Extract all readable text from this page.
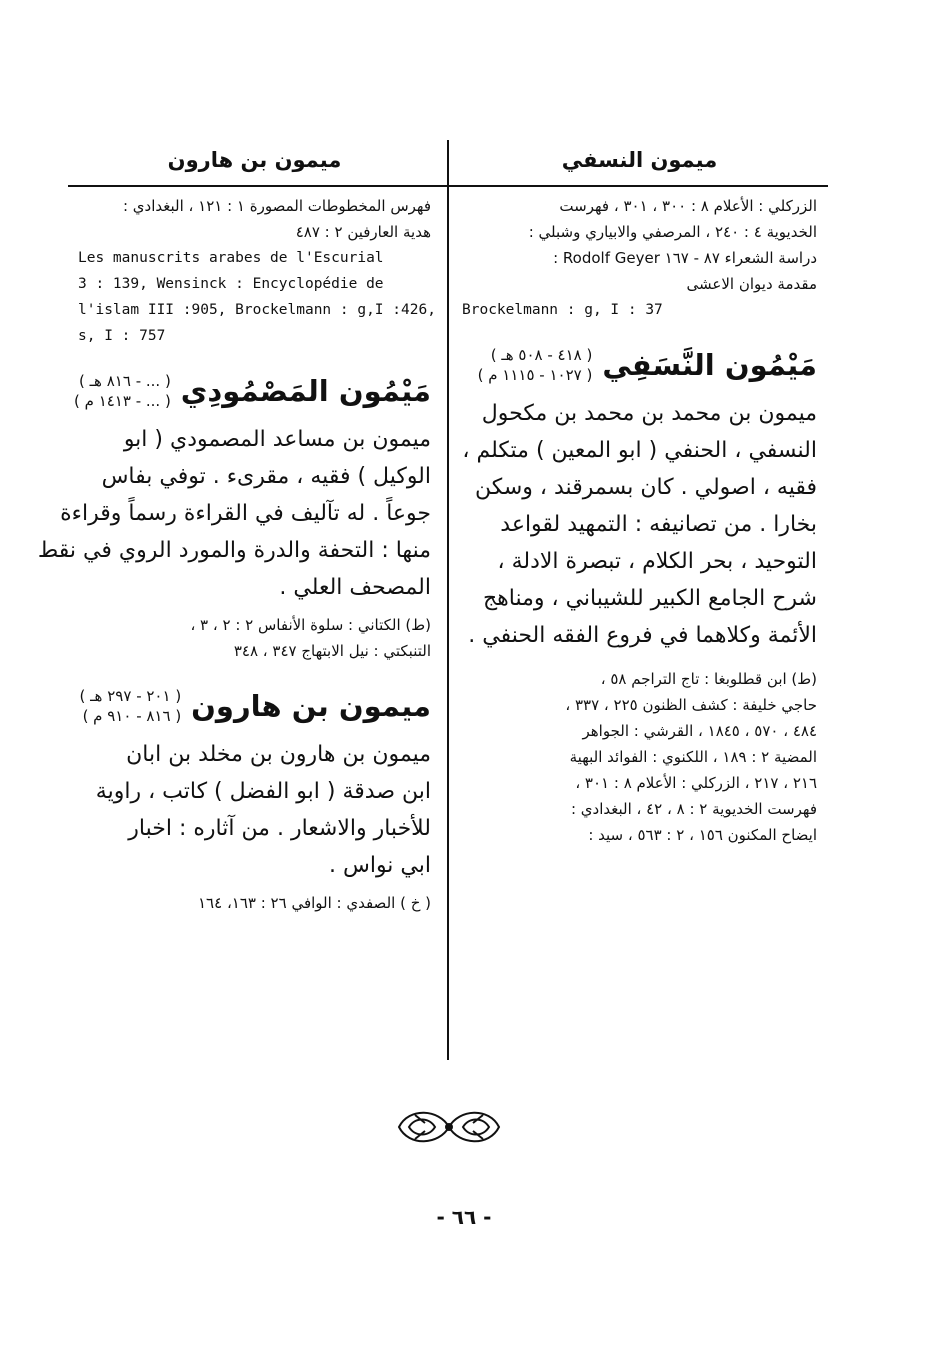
ميمون النسفي
الزركلي : الأعلام ٨ : ٣٠٠ ، ٣٠١ ، فهرست
الخديوية ٤ : ٢٤٠ ، المرصفي والابياري وشبلي :
دراسة الشعراء ٨٧ - ١٦٧ Rodolf Geyer :
مقدمة ديوان الاعشى
Brockelmann : g, I : 37
مَيْمُون النَّسَفِي
( ٤١٨ - ٥٠٨ هـ )
( ١٠٢٧ - ١١١٥ م )
ميمون بن محمد بن محمد بن مكحول
النسفي ، الحنفي ( ابو المعين ) متكلم ،
فقيه ، اصولي . كان بسمرقند ، وسكن
بخارا . من تصانيفه : التمهيد لقواعد
التوحيد ، بحر الكلام ، تبصرة الادلة ،
شرح الجامع الكبير للشيباني ، ومناهج
الأئمة وكلاهما في فروع الفقه الحنفي .
(ط) ابن قطلوبغا : تاج التراجم ٥٨ ،
حاجي خليفة : كشف الظنون ٢٢٥ ، ٣٣٧ ،
٤٨٤ ، ٥٧٠ ، ١٨٤٥ ، القرشي : الجواهر
المضية ٢ : ١٨٩ ، اللكنوي : الفوائد البهية
٢١٦ ، ٢١٧ ، الزركلي : الأعلام ٨ : ٣٠١ ،
فهرست الخديوية ٢ : ٨ ، ٤٢ ، البغدادي :
ايضاح المكنون ١٥٦ ، ٢ : ٥٦٣ ، سيد :
ميمون بن هارون
فهرس المخطوطات المصورة ١ : ١٢١ ، البغدادي :
هدية العارفين ٢ : ٤٨٧
Les manuscrits arabes de l'Escurial
3 : 139, Wensinck : Encyclopédie de
l'islam III :905, Brockelmann : g,I :426,
s, I : 757
مَيْمُون المَصْمُودِي
( ... - ٨١٦ هـ )
( ... - ١٤١٣ م )
ميمون بن مساعد المصمودي ( ابو
الوكيل ) فقيه ، مقرىء . توفي بفاس
جوعاً . له تآليف في القراءة رسماً وقراءة
منها : التحفة والدرة والمورد الروي في نقط
المصحف العلي .
(ط) الكتاني : سلوة الأنفاس ٢ : ٢ ، ٣ ،
التنبكتي : نيل الابتهاج ٣٤٧ ، ٣٤٨
ميمون بن هارون
( ٢٠١ - ٢٩٧ هـ )
( ٨١٦ - ٩١٠ م )
ميمون بن هارون بن مخلد بن ابان
ابن صدقة ( ابو الفضل ) كاتب ، راوية
للأخبار والاشعار . من آثاره : اخبار
ابي نواس .
( خ ) الصفدي : الوافي ٢٦ : ١٦٣، ١٦٤
- ٦٦ -
